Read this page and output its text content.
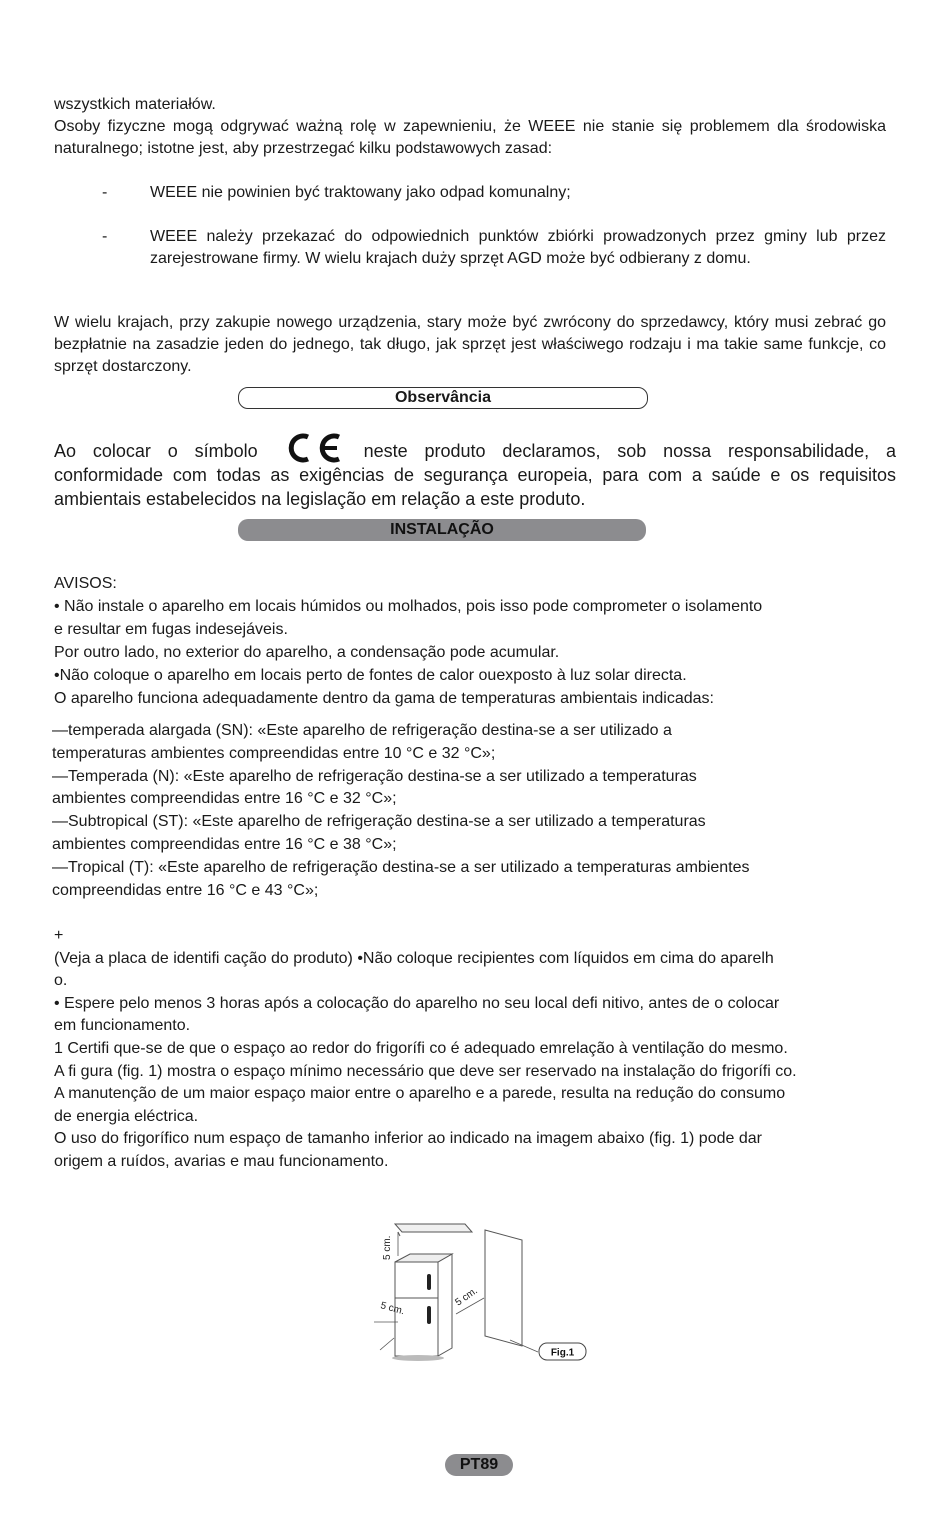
wszystkich materiałów.

Osoby fizyczne mogą odgrywać ważną rolę w zapewnieniu, że WEEE nie stanie się problemem dla środowiska naturalnego; istotne jest, aby przestrzegać kilku podstawowych zasad:

-	WEEE nie powinien być traktowany jako odpad komunalny;
-	WEEE należy przekazać do odpowiednich punktów zbiórki prowadzonych przez gminy lub przez zarejestrowane firmy. W wielu krajach duży sprzęt AGD może być odbierany z domu.

W wielu krajach, przy zakupie nowego urządzenia, stary może być zwrócony do sprzedawcy, który musi zebrać go bezpłatnie na zasadzie jeden do jednego, tak długo, jak sprzęt jest właściwego rodzaju i ma takie same funkcje, co sprzęt dostarczony.

Observância
Ao colocar o símbolo	neste produto declaramos, sob nossa responsabilidade, a conformidade com todas as exigências de segurança europeia, para com a saúde e os requisitos ambientais estabelecidos na legislação em relação a este produto.
INSTALAÇÃO
AVISOS:
• Não instale o aparelho em locais húmidos ou molhados, pois isso pode comprometer o isolamento
e resultar em fugas indesejáveis.
Por outro lado, no exterior do aparelho, a condensação pode acumular.
•Não coloque o aparelho em locais perto de fontes de calor ouexposto à luz solar directa.
O aparelho funciona adequadamente dentro da gama de temperaturas ambientais indicadas:
—temperada alargada (SN): «Este aparelho de refrigeração destina-se a ser utilizado a
temperaturas ambientes compreendidas entre 10 °C e 32 °C»;
—Temperada (N): «Este aparelho de refrigeração destina-se a ser utilizado a temperaturas
ambientes compreendidas entre 16 °C e 32 °C»;
—Subtropical (ST): «Este aparelho de refrigeração destina-se a ser utilizado a temperaturas
ambientes compreendidas entre 16 °C e 38 °C»;
—Tropical (T): «Este aparelho de refrigeração destina-se a ser utilizado a temperaturas ambientes
compreendidas entre 16 °C e 43 °C»;
+
(Veja a placa de identifi cação do produto) •Não coloque recipientes com líquidos em cima do aparelh
o.
• Espere pelo menos 3 horas após a colocação do aparelho no seu local defi nitivo, antes de o colocar
em funcionamento.
1 Certifi que-se de que o espaço ao redor do frigorífi co é adequado emrelação à ventilação do mesmo.
A fi gura (fig. 1) mostra o espaço mínimo necessário que deve ser reservado na instalação do frigorífi co.
A manutenção de um maior espaço maior entre o aparelho e a parede, resulta na redução do consumo
de energia eléctrica.
O uso do frigorífico num espaço de tamanho inferior ao indicado na imagem abaixo (fig. 1) pode dar
origem a ruídos, avarias e mau funcionamento.
5 cm.
5 cm.
5 cm.
Fig.1
PT89
